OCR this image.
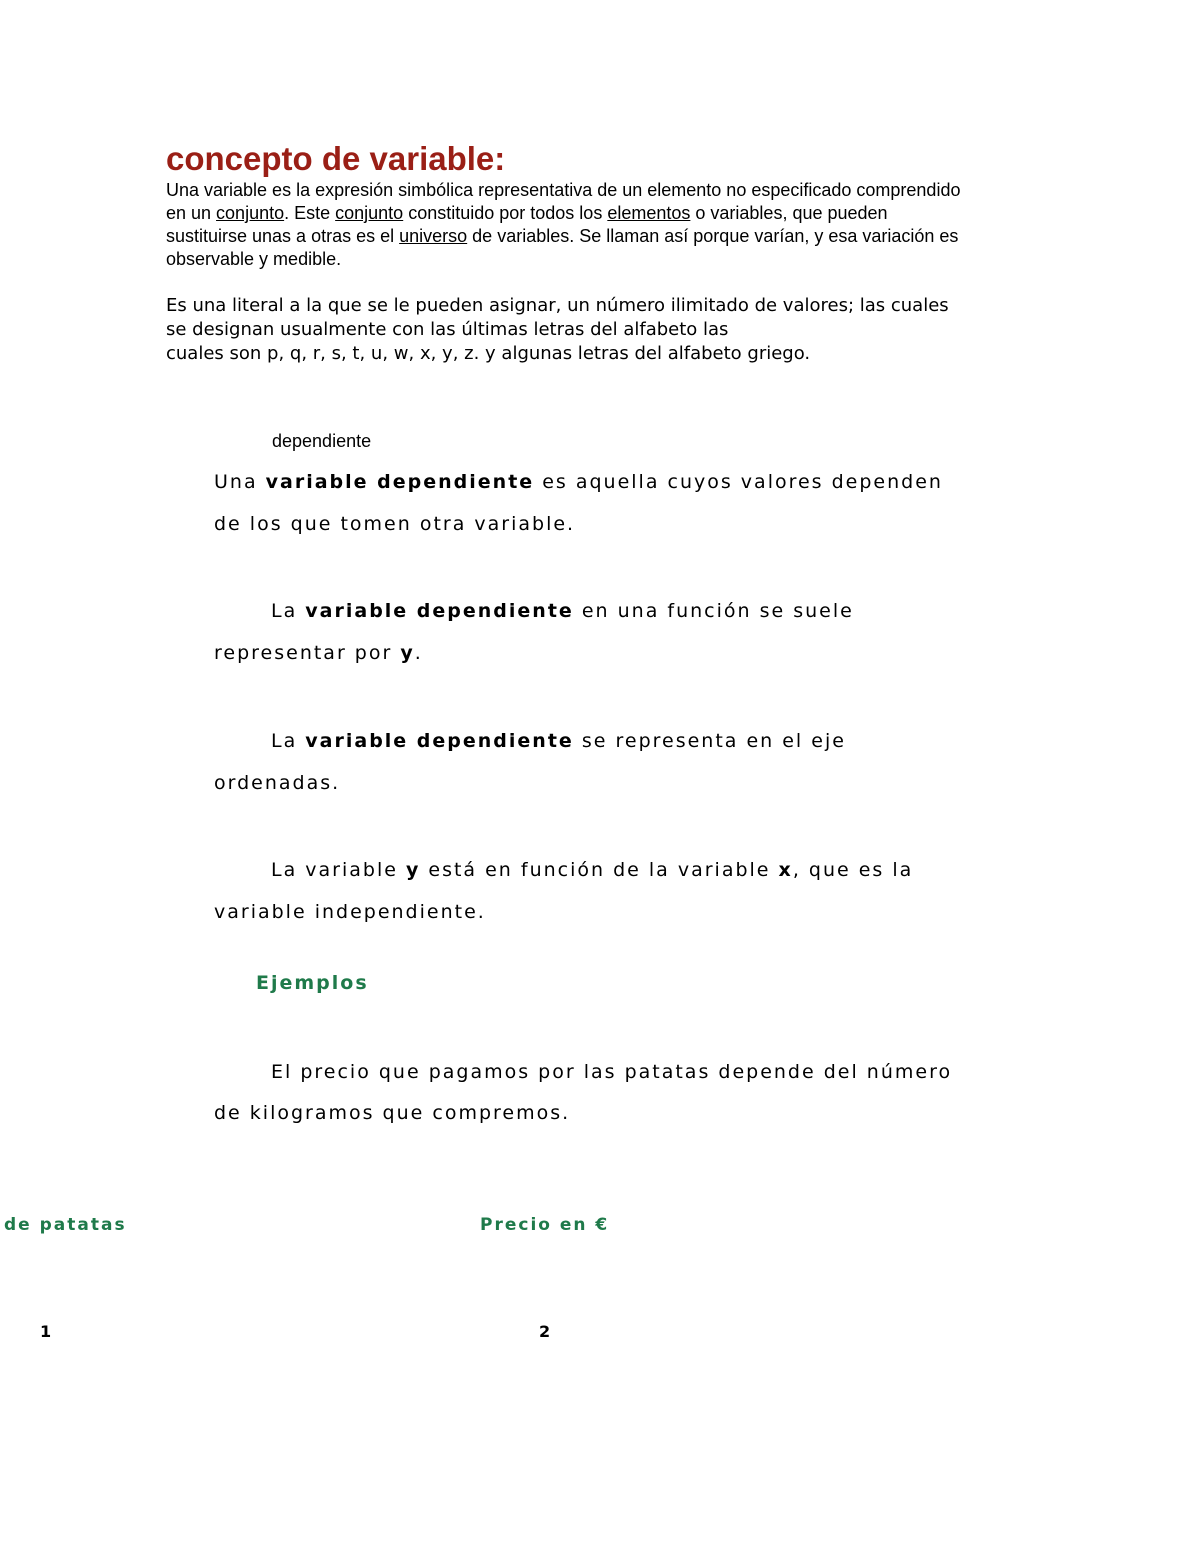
concepto de variable:
Una variable es la expresión simbólica representativa de un elemento no especificado comprendido
en un conjunto. Este conjunto constituido por todos los elementos o variables, que pueden
sustituirse unas a otras es el universo de variables. Se llaman así porque varían, y esa variación es
observable y medible.
Es una literal a la que se le pueden asignar, un número ilimitado de valores; las cuales
se designan usualmente con las últimas letras del alfabeto las
cuales son p, q, r, s, t, u, w, x, y, z. y algunas letras del alfabeto griego.
dependiente
Una variable dependiente es aquella cuyos valores dependen
de los que tomen otra variable.
La variable dependiente en una función se suele
representar por y.
La variable dependiente se representa en el eje
ordenadas.
La variable y está en función de la variable x, que es la
variable independiente.
Ejemplos
El precio que pagamos por las patatas depende del número
de kilogramos que compremos.
de patatas	Precio en €
1	2
